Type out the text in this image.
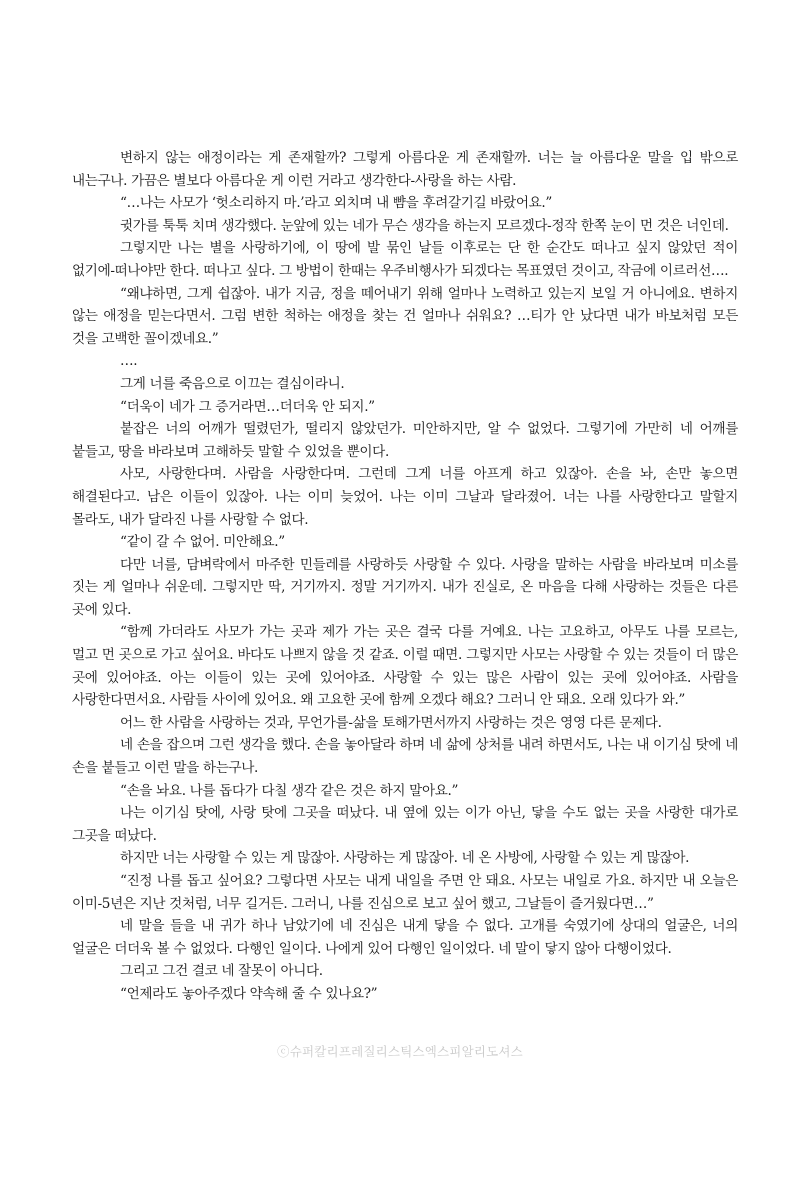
변하지 않는 애정이라는 게 존재할까? 그렇게 아름다운 게 존재할까. 너는 늘 아름다운 말을 입 밖으로 내는구나. 가끔은 별보다 아름다운 게 이런 거라고 생각한다-사랑을 하는 사람.

“…나는 사모가 ‘헛소리하지 마.’라고 외치며 내 뺨을 후려갈기길 바랐어요.”

귓가를 툭툭 치며 생각했다. 눈앞에 있는 네가 무슨 생각을 하는지 모르겠다-정작 한쪽 눈이 먼 것은 너인데.

그렇지만 나는 별을 사랑하기에, 이 땅에 발 묶인 날들 이후로는 단 한 순간도 떠나고 싶지 않았던 적이 없기에-떠나야만 한다. 떠나고 싶다. 그 방법이 한때는 우주비행사가 되겠다는 목표였던 것이고, 작금에 이르러선….

“왜냐하면, 그게 쉽잖아. 내가 지금, 정을 떼어내기 위해 얼마나 노력하고 있는지 보일 거 아니에요. 변하지 않는 애정을 믿는다면서. 그럼 변한 척하는 애정을 찾는 건 얼마나 쉬워요? …티가 안 났다면 내가 바보처럼 모든 것을 고백한 꼴이겠네요.”

….

그게 너를 죽음으로 이끄는 결심이라니.

“더욱이 네가 그 증거라면…더더욱 안 되지.”

붙잡은 너의 어깨가 떨렸던가, 떨리지 않았던가. 미안하지만, 알 수 없었다. 그렇기에 가만히 네 어깨를 붙들고, 땅을 바라보며 고해하듯 말할 수 있었을 뿐이다.

사모, 사랑한다며. 사람을 사랑한다며. 그런데 그게 너를 아프게 하고 있잖아. 손을 놔, 손만 놓으면 해결된다고. 남은 이들이 있잖아. 나는 이미 늦었어. 나는 이미 그날과 달라졌어. 너는 나를 사랑한다고 말할지 몰라도, 내가 달라진 나를 사랑할 수 없다.

“같이 갈 수 없어. 미안해요.”

다만 너를, 담벼락에서 마주한 민들레를 사랑하듯 사랑할 수 있다. 사랑을 말하는 사람을 바라보며 미소를 짓는 게 얼마나 쉬운데. 그렇지만 딱, 거기까지. 정말 거기까지. 내가 진실로, 온 마음을 다해 사랑하는 것들은 다른 곳에 있다.

“함께 가더라도 사모가 가는 곳과 제가 가는 곳은 결국 다를 거예요. 나는 고요하고, 아무도 나를 모르는, 멀고 먼 곳으로 가고 싶어요. 바다도 나쁘지 않을 것 같죠. 이럴 때면. 그렇지만 사모는 사랑할 수 있는 것들이 더 많은 곳에 있어야죠. 아는 이들이 있는 곳에 있어야죠. 사랑할 수 있는 많은 사람이 있는 곳에 있어야죠. 사람을 사랑한다면서요. 사람들 사이에 있어요. 왜 고요한 곳에 함께 오겠다 해요? 그러니 안 돼요. 오래 있다가 와.”

어느 한 사람을 사랑하는 것과, 무언가를-삶을 토해가면서까지 사랑하는 것은 영영 다른 문제다.

네 손을 잡으며 그런 생각을 했다. 손을 놓아달라 하며 네 삶에 상처를 내려 하면서도, 나는 내 이기심 탓에 네 손을 붙들고 이런 말을 하는구나.

“손을 놔요. 나를 돕다가 다칠 생각 같은 것은 하지 말아요.”

나는 이기심 탓에, 사랑 탓에 그곳을 떠났다. 내 옆에 있는 이가 아닌, 닿을 수도 없는 곳을 사랑한 대가로 그곳을 떠났다.

하지만 너는 사랑할 수 있는 게 많잖아. 사랑하는 게 많잖아. 네 온 사방에, 사랑할 수 있는 게 많잖아.

“진정 나를 돕고 싶어요? 그렇다면 사모는 내게 내일을 주면 안 돼요. 사모는 내일로 가요. 하지만 내 오늘은 이미-5년은 지난 것처럼, 너무 길거든. 그러니, 나를 진심으로 보고 싶어 했고, 그날들이 즐거웠다면…”

네 말을 들을 내 귀가 하나 남았기에 네 진심은 내게 닿을 수 없다. 고개를 숙였기에 상대의 얼굴은, 너의 얼굴은 더더욱 볼 수 없었다. 다행인 일이다. 나에게 있어 다행인 일이었다. 네 말이 닿지 않아 다행이었다.

그리고 그건 결코 네 잘못이 아니다.

“언제라도 놓아주겠다 약속해 줄 수 있나요?”

ⓒ슈퍼칼리프레질리스틱스엑스피알리도셔스
